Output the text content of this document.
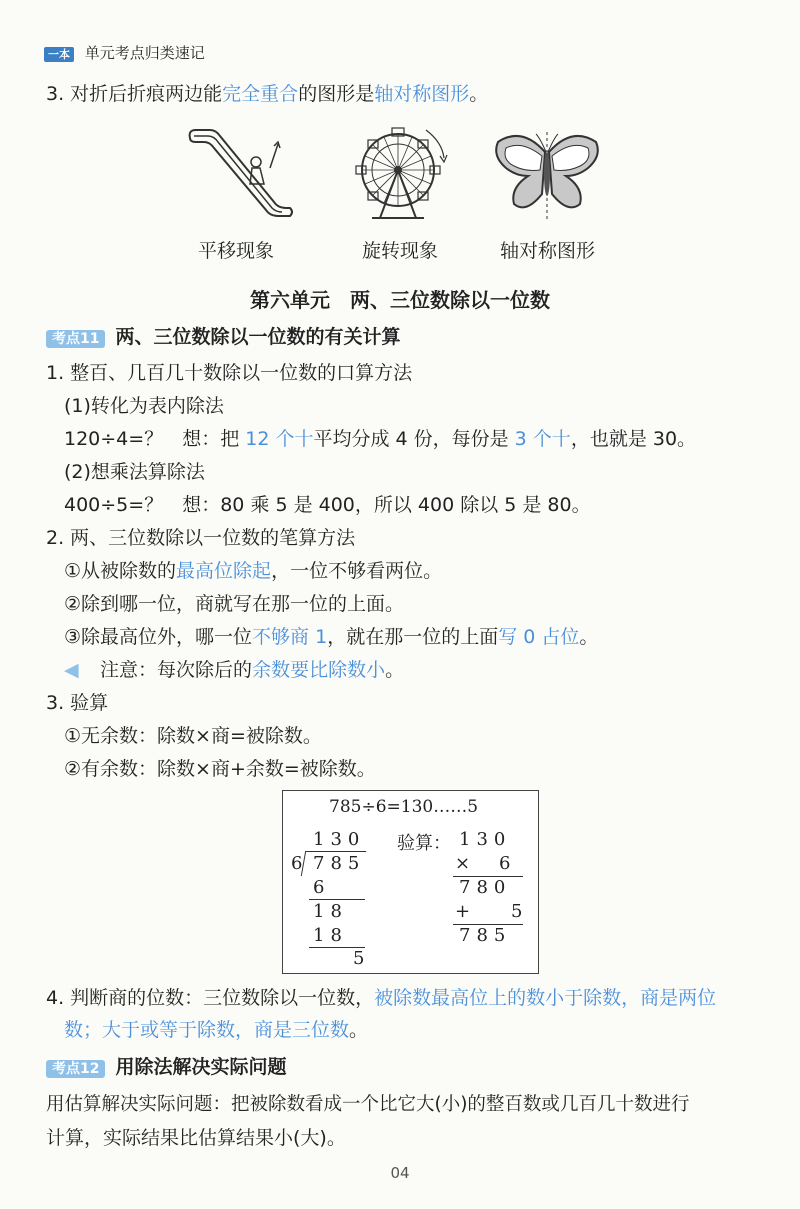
一本 单元考点归类速记
3. 对折后折痕两边能完全重合的图形是轴对称图形。
平移现象	旋转现象	轴对称图形
第六单元　两、三位数除以一位数
考点11 两、三位数除以一位数的有关计算
1. 整百、几百几十数除以一位数的口算方法
(1)转化为表内除法
120÷4=？　想：把 12 个十平均分成 4 份，每份是 3 个十，也就是 30。
(2)想乘法算除法
400÷5=？　想：80 乘 5 是 400，所以 400 除以 5 是 80。
2. 两、三位数除以一位数的笔算方法
①从被除数的最高位除起，一位不够看两位。
②除到哪一位，商就写在那一位的上面。
③除最高位外，哪一位不够商 1，就在那一位的上面写 0 占位。
◀ 注意：每次除后的余数要比除数小。
3. 验算
①无余数：除数×商=被除数。
②有余数：除数×商+余数=被除数。
785÷6=130……5
130
6 785
6
18
18
5
验算： 130
× 6
780
+ 5
785
4. 判断商的位数：三位数除以一位数，被除数最高位上的数小于除数，商是两位
数；大于或等于除数，商是三位数。
考点12 用除法解决实际问题
用估算解决实际问题：把被除数看成一个比它大(小)的整百数或几百几十数进行
计算，实际结果比估算结果小(大)。
04
